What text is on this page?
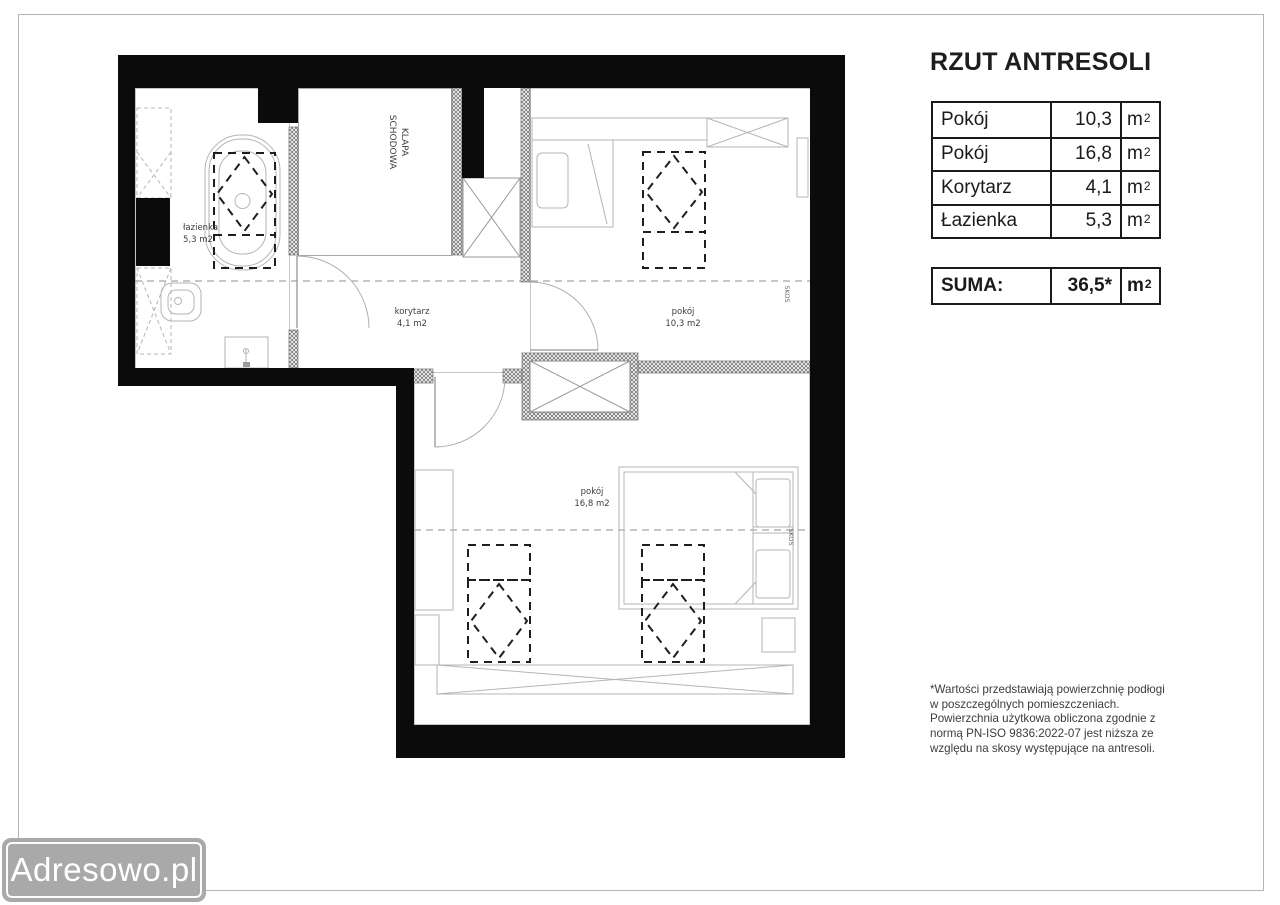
łazienka
5,3 m2
korytarz
4,1 m2
pokój
10,3 m2
pokój
16,8 m2
KLAPA
SCHODOWA
SKOS
SKOS
RZUT ANTRESOLI
Pokój	10,3 $m^2$
Pokój	16,8 $m^2$
Korytarz	4,1 $m^2$
Łazienka	5,3 $m^2$
SUMA:	36,5* $m^2$
*Wartości przedstawiają powierzchnię podłogi w poszczególnych pomieszczeniach. Powierzchnia użytkowa obliczona zgodnie z normą PN-ISO 9836:2022-07 jest niższa ze względu na skosy występujące na antresoli.
Adresowo.pl
